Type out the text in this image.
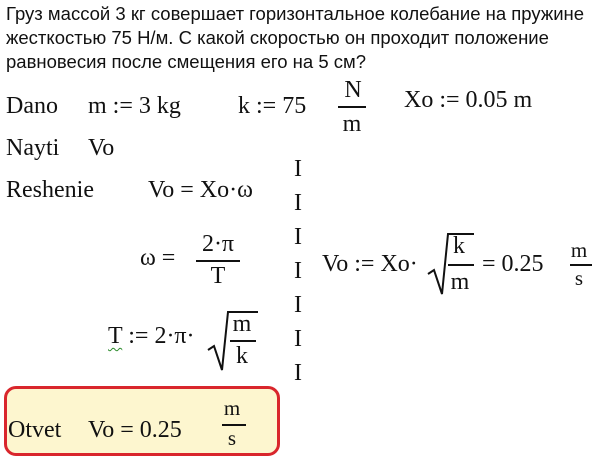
Груз массой 3 кг совершает горизонтальное колебание на пружине
жесткостью 75 Н/м. С какой скоростью он проходит положение
равновесия после смещения его на 5 см?
Dano m := 3 kg k := 75
N
m
Xo := 0.05 m
Nayti Vo
Reshenie Vo = Xo·ω
ω =
2·π
T
T := 2·π· m
k
I
I
I
I
I
I
I
Vo := Xo·
k
m
= 0.25
m
s
Otvet Vo = 0.25
m
s
